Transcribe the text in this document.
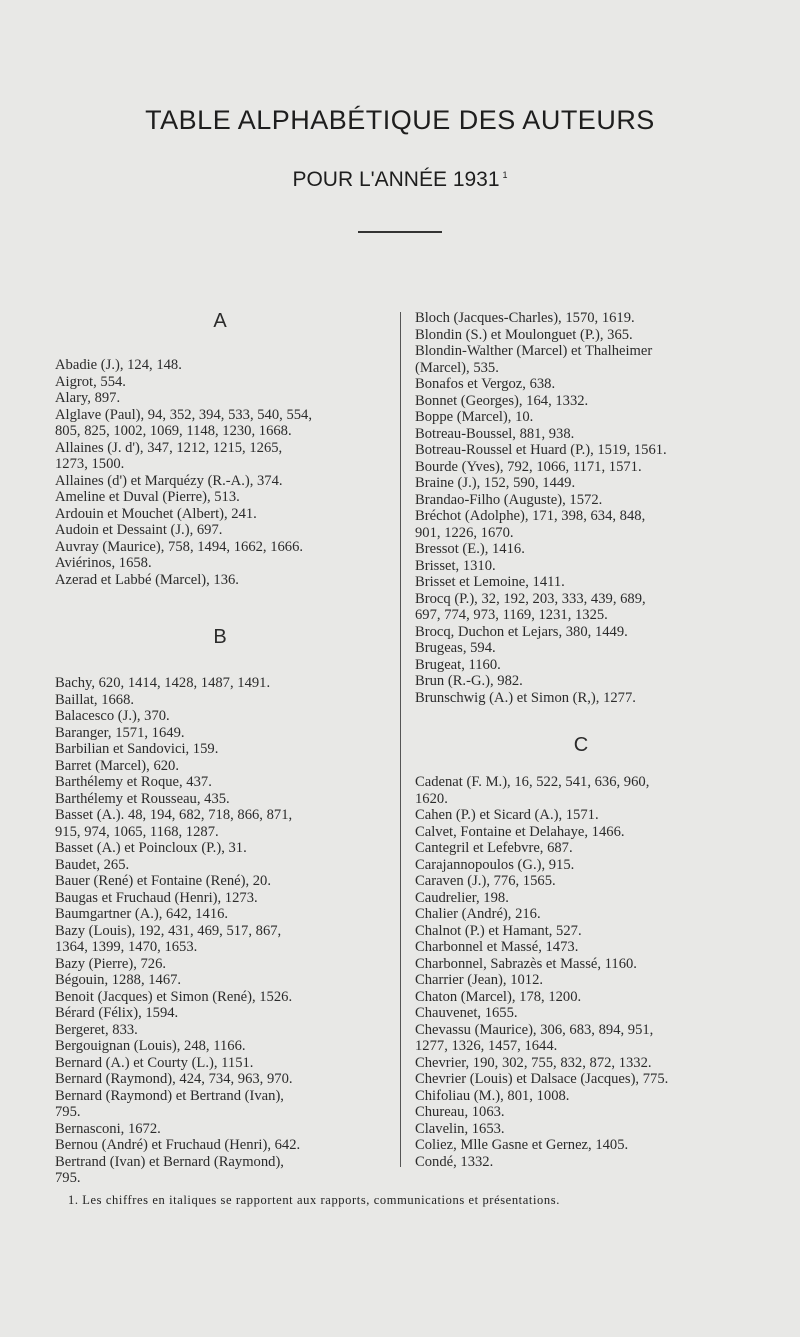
TABLE ALPHABÉTIQUE DES AUTEURS
POUR L'ANNÉE 1931 $^1$
A
Abadie (J.), 124, 148.
Aigrot, 554.
Alary, 897.
Alglave (Paul), 94, 352, 394, 533, 540, 554,
805, 825, 1002, 1069, 1148, 1230, 1668.
Allaines (J. d'), 347, 1212, 1215, 1265,
1273, 1500.
Allaines (d') et Marquézy (R.-A.), 374.
Ameline et Duval (Pierre), 513.
Ardouin et Mouchet (Albert), 241.
Audoin et Dessaint (J.), 697.
Auvray (Maurice), 758, 1494, 1662, 1666.
Aviérinos, 1658.
Azerad et Labbé (Marcel), 136.
B
Bachy, 620, 1414, 1428, 1487, 1491.
Baillat, 1668.
Balacesco (J.), 370.
Baranger, 1571, 1649.
Barbilian et Sandovici, 159.
Barret (Marcel), 620.
Barthélemy et Roque, 437.
Barthélemy et Rousseau, 435.
Basset (A.). 48, 194, 682, 718, 866, 871,
915, 974, 1065, 1168, 1287.
Basset (A.) et Poincloux (P.), 31.
Baudet, 265.
Bauer (René) et Fontaine (René), 20.
Baugas et Fruchaud (Henri), 1273.
Baumgartner (A.), 642, 1416.
Bazy (Louis), 192, 431, 469, 517, 867,
1364, 1399, 1470, 1653.
Bazy (Pierre), 726.
Bégouin, 1288, 1467.
Benoit (Jacques) et Simon (René), 1526.
Bérard (Félix), 1594.
Bergeret, 833.
Bergouignan (Louis), 248, 1166.
Bernard (A.) et Courty (L.), 1151.
Bernard (Raymond), 424, 734, 963, 970.
Bernard (Raymond) et Bertrand (Ivan),
795.
Bernasconi, 1672.
Bernou (André) et Fruchaud (Henri), 642.
Bertrand (Ivan) et Bernard (Raymond),
795.
Bloch (Jacques-Charles), 1570, 1619.
Blondin (S.) et Moulonguet (P.), 365.
Blondin-Walther (Marcel) et Thalheimer
(Marcel), 535.
Bonafos et Vergoz, 638.
Bonnet (Georges), 164, 1332.
Boppe (Marcel), 10.
Botreau-Boussel, 881, 938.
Botreau-Roussel et Huard (P.), 1519, 1561.
Bourde (Yves), 792, 1066, 1171, 1571.
Braine (J.), 152, 590, 1449.
Brandao-Filho (Auguste), 1572.
Bréchot (Adolphe), 171, 398, 634, 848,
901, 1226, 1670.
Bressot (E.), 1416.
Brisset, 1310.
Brisset et Lemoine, 1411.
Brocq (P.), 32, 192, 203, 333, 439, 689,
697, 774, 973, 1169, 1231, 1325.
Brocq, Duchon et Lejars, 380, 1449.
Brugeas, 594.
Brugeat, 1160.
Brun (R.-G.), 982.
Brunschwig (A.) et Simon (R,), 1277.
C
Cadenat (F. M.), 16, 522, 541, 636, 960,
1620.
Cahen (P.) et Sicard (A.), 1571.
Calvet, Fontaine et Delahaye, 1466.
Cantegril et Lefebvre, 687.
Carajannopoulos (G.), 915.
Caraven (J.), 776, 1565.
Caudrelier, 198.
Chalier (André), 216.
Chalnot (P.) et Hamant, 527.
Charbonnel et Massé, 1473.
Charbonnel, Sabrazès et Massé, 1160.
Charrier (Jean), 1012.
Chaton (Marcel), 178, 1200.
Chauvenet, 1655.
Chevassu (Maurice), 306, 683, 894, 951,
1277, 1326, 1457, 1644.
Chevrier, 190, 302, 755, 832, 872, 1332.
Chevrier (Louis) et Dalsace (Jacques), 775.
Chifoliau (M.), 801, 1008.
Chureau, 1063.
Clavelin, 1653.
Coliez, Mlle Gasne et Gernez, 1405.
Condé, 1332.
1. Les chiffres en italiques se rapportent aux rapports, communications et présentations.
